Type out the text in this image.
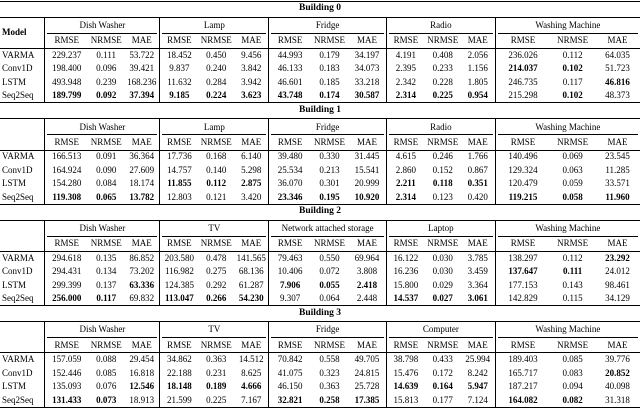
Building 0															
Model	Dish Washer			Lamp			Fridge			Radio			Washing Machine		
	RMSE	NRMSE	MAE	RMSE	NRMSE	MAE	RMSE	NRMSE	MAE	RMSE	NRMSE	MAE	RMSE	NRMSE	MAE
VARMA	229.237	0.111	53.722	18.452	0.450	9.456	44.993	0.179	34.197	4.191	0.408	2.056	236.026	0.112	64.035
Conv1D	198.400	0.096	39.421	9.837	0.240	3.842	46.133	0.183	34.073	2.395	0.233	1.156	214.037	0.102	51.723
LSTM	493.948	0.239	168.236	11.632	0.284	3.942	46.601	0.185	33.218	2.342	0.228	1.805	246.735	0.117	46.816
Seq2Seq	189.799	0.092	37.394	9.185	0.224	3.623	43.748	0.174	30.587	2.314	0.225	0.954	215.298	0.102	48.373
Building 1															
	Dish Washer			Lamp			Fridge			Radio			Washing Machine		
	RMSE	NRMSE	MAE	RMSE	NRMSE	MAE	RMSE	NRMSE	MAE	RMSE	NRMSE	MAE	RMSE	NRMSE	MAE
VARMA	166.513	0.091	36.364	17.736	0.168	6.140	39.480	0.330	31.445	4.615	0.246	1.766	140.496	0.069	23.545
Conv1D	164.924	0.090	27.609	14.757	0.140	5.298	25.534	0.213	15.541	2.860	0.152	0.867	129.324	0.063	11.285
LSTM	154.280	0.084	18.174	11.855	0.112	2.875	36.070	0.301	20.999	2.211	0.118	0.351	120.479	0.059	33.571
Seq2Seq	119.308	0.065	13.782	12.803	0.121	3.420	23.346	0.195	10.920	2.314	0.123	0.420	119.215	0.058	11.960
Building 2															
	Dish Washer			TV			Network attached storage			Laptop			Washing Machine		
	RMSE	NRMSE	MAE	RMSE	NRMSE	MAE	RMSE	NRMSE	MAE	RMSE	NRMSE	MAE	RMSE	NRMSE	MAE
VARMA	294.618	0.135	86.852	203.580	0.478	141.565	79.463	0.550	69.964	16.122	0.030	3.785	138.297	0.112	23.292
Conv1D	294.431	0.134	73.202	116.982	0.275	68.136	10.406	0.072	3.808	16.236	0.030	3.459	137.647	0.111	24.012
LSTM	299.399	0.137	63.336	124.385	0.292	61.287	7.906	0.055	2.418	15.800	0.029	3.364	177.153	0.143	98.461
Seq2Seq	256.000	0.117	69.832	113.047	0.266	54.230	9.307	0.064	2.448	14.537	0.027	3.061	142.829	0.115	34.129
Building 3															
	Dish Washer			TV			Fridge			Computer			Washing Machine		
	RMSE	NRMSE	MAE	RMSE	NRMSE	MAE	RMSE	NRMSE	MAE	RMSE	NRMSE	MAE	RMSE	NRMSE	MAE
VARMA	157.059	0.088	29.454	34.862	0.363	14.512	70.842	0.558	49.705	38.798	0.433	25.994	189.403	0.085	39.776
Conv1D	152.446	0.085	16.818	22.188	0.231	8.625	41.075	0.323	24.815	15.476	0.172	8.242	165.717	0.083	20.852
LSTM	135.093	0.076	12.546	18.148	0.189	4.666	46.150	0.363	25.728	14.639	0.164	5.947	187.217	0.094	40.098
Seq2Seq	131.433	0.073	18.913	21.599	0.225	7.167	32.821	0.258	17.385	15.813	0.177	7.124	164.082	0.082	31.318
